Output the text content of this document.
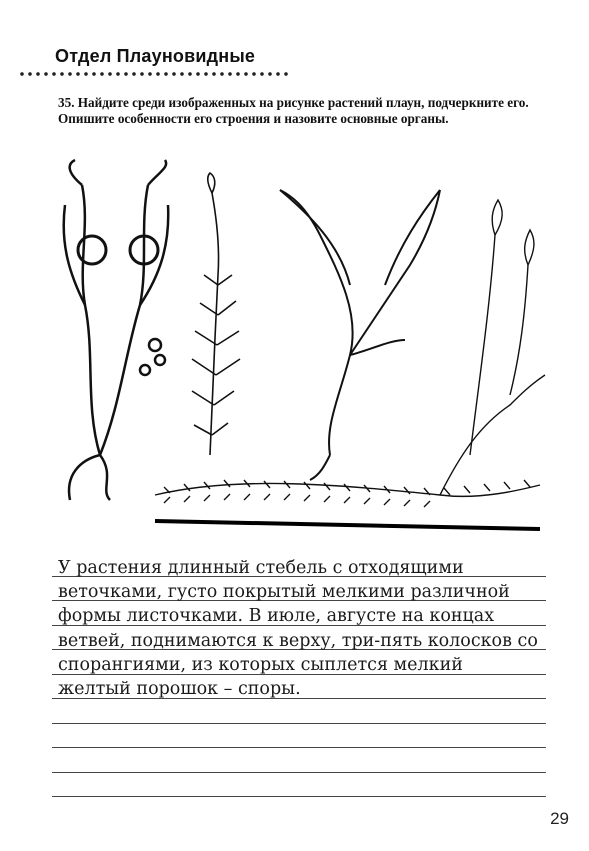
Отдел Плауновидные
35. Найдите среди изображенных на рисунке растений плаун, подчеркните его. Опишите особенности его строения и назовите основные органы.
У растения длинный стебель с отходящими веточками, густо покрытый мелкими различной формы листочками. В июле, августе на концах ветвей, поднимаются к верху, три-пять колосков со спорангиями, из которых сыплется мелкий желтый порошок – споры.
29
